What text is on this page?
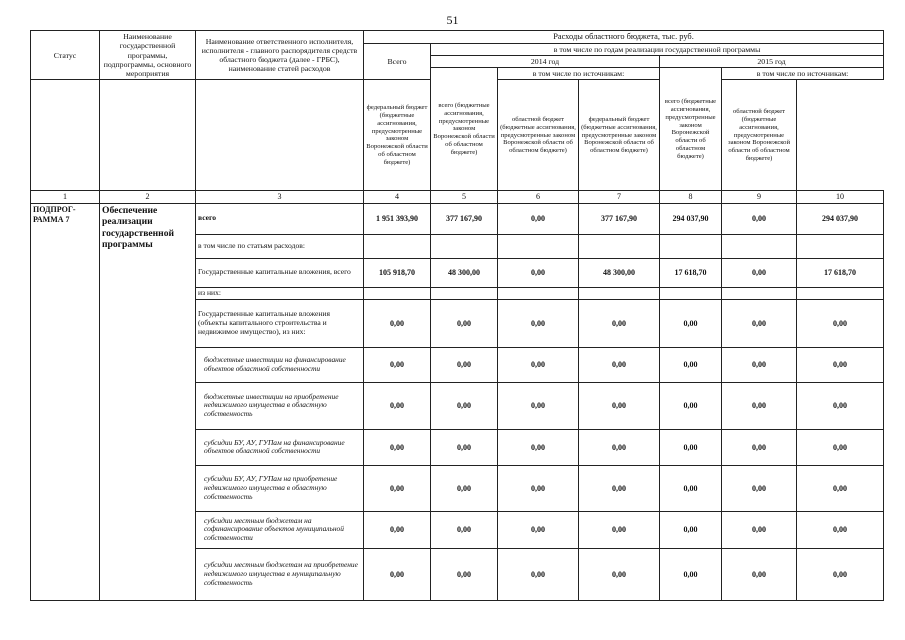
51
Статус	Наименование государственной программы, подпрограммы, основного мероприятия	Наименование ответственного исполнителя, исполнителя - главного распорядителя средств областного бюджета (далее - ГРБС), наименование статей расходов	Расходы областного бюджета, тыс. руб.						
			Всего	в том числе по годам реализации государственной программы					
				2014 год			2015 год		
				всего (бюджетные ассигнования, предусмотренные законом Воронежской области об областном бюджете)	в том числе по источникам:		всего (бюджетные ассигнования, предусмотренные законом Воронежской области об областном бюджете)	в том числе по источникам:	
			федеральный бюджет (бюджетные ассигнования, предусмотренные законом Воронежской области об областном бюджете)		областной бюджет (бюджетные ассигнования, предусмотренные законом Воронежской области об областном бюджете)	федеральный бюджет (бюджетные ассигнования, предусмотренные законом Воронежской области об областном бюджете)		областной бюджет (бюджетные ассигнования, предусмотренные законом Воронежской области об областном бюджете)	
1	2	3	4	5	6	7	8	9	10
ПОДПРОГ-РАММА 7	Обеспечение реализации государственной программы	всего	1 951 393,90	377 167,90	0,00	377 167,90	294 037,90	0,00	294 037,90
		в том числе по статьям расходов:							
		Государственные капитальные вложения, всего	105 918,70	48 300,00	0,00	48 300,00	17 618,70	0,00	17 618,70
		из них:							
		Государственные капитальные вложения (объекты капитального строительства и недвижимое имущество), из них:	0,00	0,00	0,00	0,00	0,00	0,00	0,00
		бюджетные инвестиции на финансирование объектов областной собственности	0,00	0,00	0,00	0,00	0,00	0,00	0,00
		бюджетные инвестиции на приобретение недвижимого имущества в областную собственность	0,00	0,00	0,00	0,00	0,00	0,00	0,00
		субсидии БУ, АУ, ГУПам на финансирование объектов областной собственности	0,00	0,00	0,00	0,00	0,00	0,00	0,00
		субсидии БУ, АУ, ГУПам на приобретение недвижимого имущества в областную собственность	0,00	0,00	0,00	0,00	0,00	0,00	0,00
		субсидии местным бюджетам на софинансирование объектов муниципальной собственности	0,00	0,00	0,00	0,00	0,00	0,00	0,00
		субсидии местным бюджетам на приобретение недвижимого имущества в муниципальную собственность	0,00	0,00	0,00	0,00	0,00	0,00	0,00
